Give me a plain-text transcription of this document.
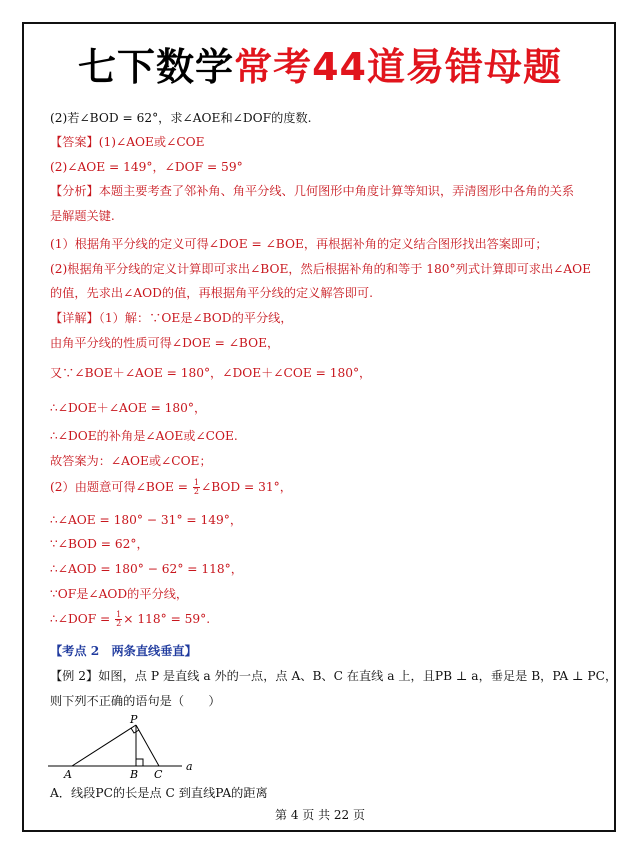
七下数学常考44道易错母题
(2)若∠BOD = 62°，求∠AOE和∠DOF的度数.
【答案】(1)∠AOE或∠COE
(2)∠AOE = 149°，∠DOF = 59°
【分析】本题主要考查了邻补角、角平分线、几何图形中角度计算等知识，弄清图形中各角的关系
是解题关键.
(1）根据角平分线的定义可得∠DOE = ∠BOE，再根据补角的定义结合图形找出答案即可；
(2)根据角平分线的定义计算即可求出∠BOE，然后根据补角的和等于 180°列式计算即可求出∠AOE
的值，先求出∠AOD的值，再根据角平分线的定义解答即可.
【详解】（1）解：∵OE是∠BOD的平分线，
由角平分线的性质可得∠DOE = ∠BOE，
又∵∠BOE＋∠AOE = 180°，∠DOE＋∠COE = 180°，
∴∠DOE＋∠AOE = 180°，
∴∠DOE的补角是∠AOE或∠COE.
故答案为：∠AOE或∠COE；
(2）由题意可得∠BOE = $\frac{1}{2}$ ∠BOD = 31°，
∴∠AOE = 180° − 31° = 149°，
∵∠BOD = 62°，
∴∠AOD = 180° − 62° = 118°，
∵OF是∠AOD的平分线，
∴∠DOF = $\frac{1}{2} \times 118^\circ = 59^\circ$.
【考点 2　两条直线垂直】
【例 2】如图，点 P 是直线 a 外的一点，点 A、B、C 在直线 a 上，且PB ⊥ a，垂足是 B，PA ⊥ PC，
则下列不正确的语句是（　　）
P
A	B C
a
A．线段PC的长是点 C 到直线PA的距离
第 4 页 共 22 页
